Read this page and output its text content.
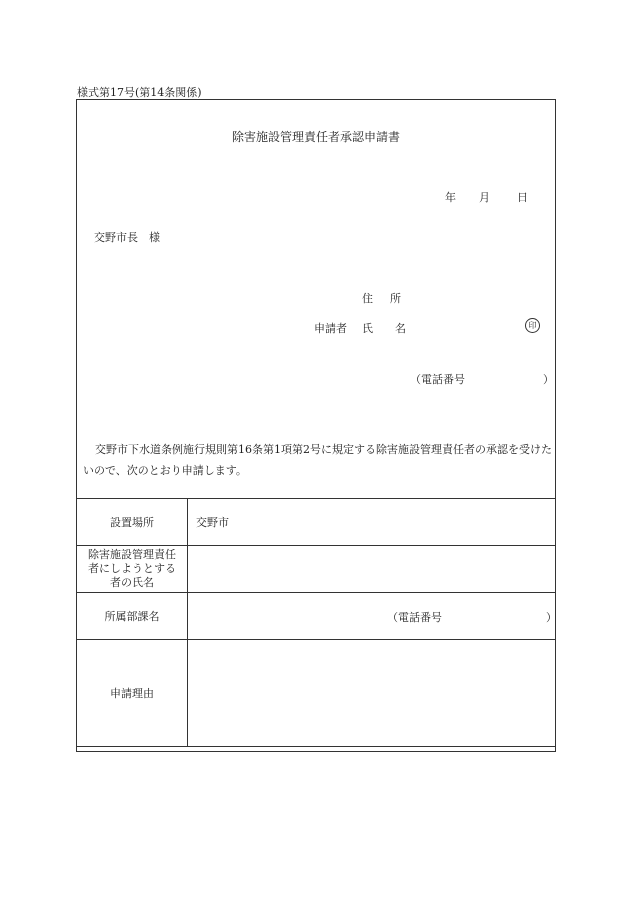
様式第17号(第14条関係)
除害施設管理責任者承認申請書
年 月 日
交野市長　様
住 所
申請者 氏 名	印
（電話番号	）
交野市下水道条例施行規則第16条第1項第2号に規定する除害施設管理責任者の承認を受けたいので、次のとおり申請します。
設置場所	交野市
除害施設管理責任者にしようとする者の氏名	
所属部課名	（電話番号 ）

申請理由	
